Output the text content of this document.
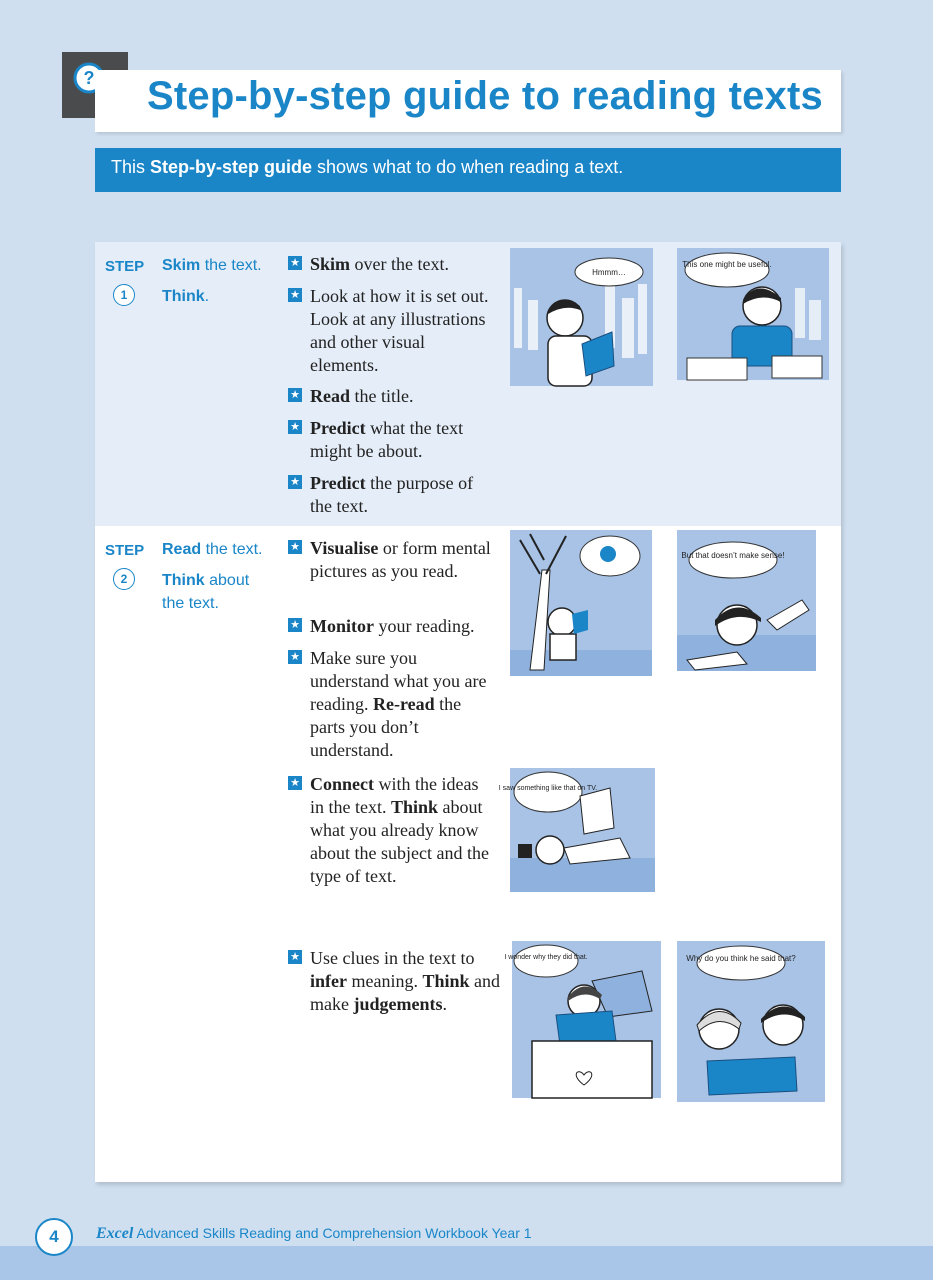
? Step-by-step guide to reading texts

This Step-by-step guide shows what to do when reading a text.

STEP
1
Skim the text.
Think.
★ Skim over the text.
★ Look at how it is set out. Look at any illustrations and other visual elements.
★ Read the title.
★ Predict what the text might be about.
★ Predict the purpose of the text.
Hmmm…
This one might be useful.
STEP
2
Read the text.
Think about the text.
★ Visualise or form mental pictures as you read.
★ Monitor your reading.
★ Make sure you understand what you are reading. Re-read the parts you don’t understand.
★ Connect with the ideas in the text. Think about what you already know about the subject and the type of text.
★ Use clues in the text to infer meaning. Think and make judgements.
But that doesn’t make sense!
I saw something like that on TV.
I wonder why they did that.	Why do you think he said that?
4	Excel Advanced Skills Reading and Comprehension Workbook Year 1
